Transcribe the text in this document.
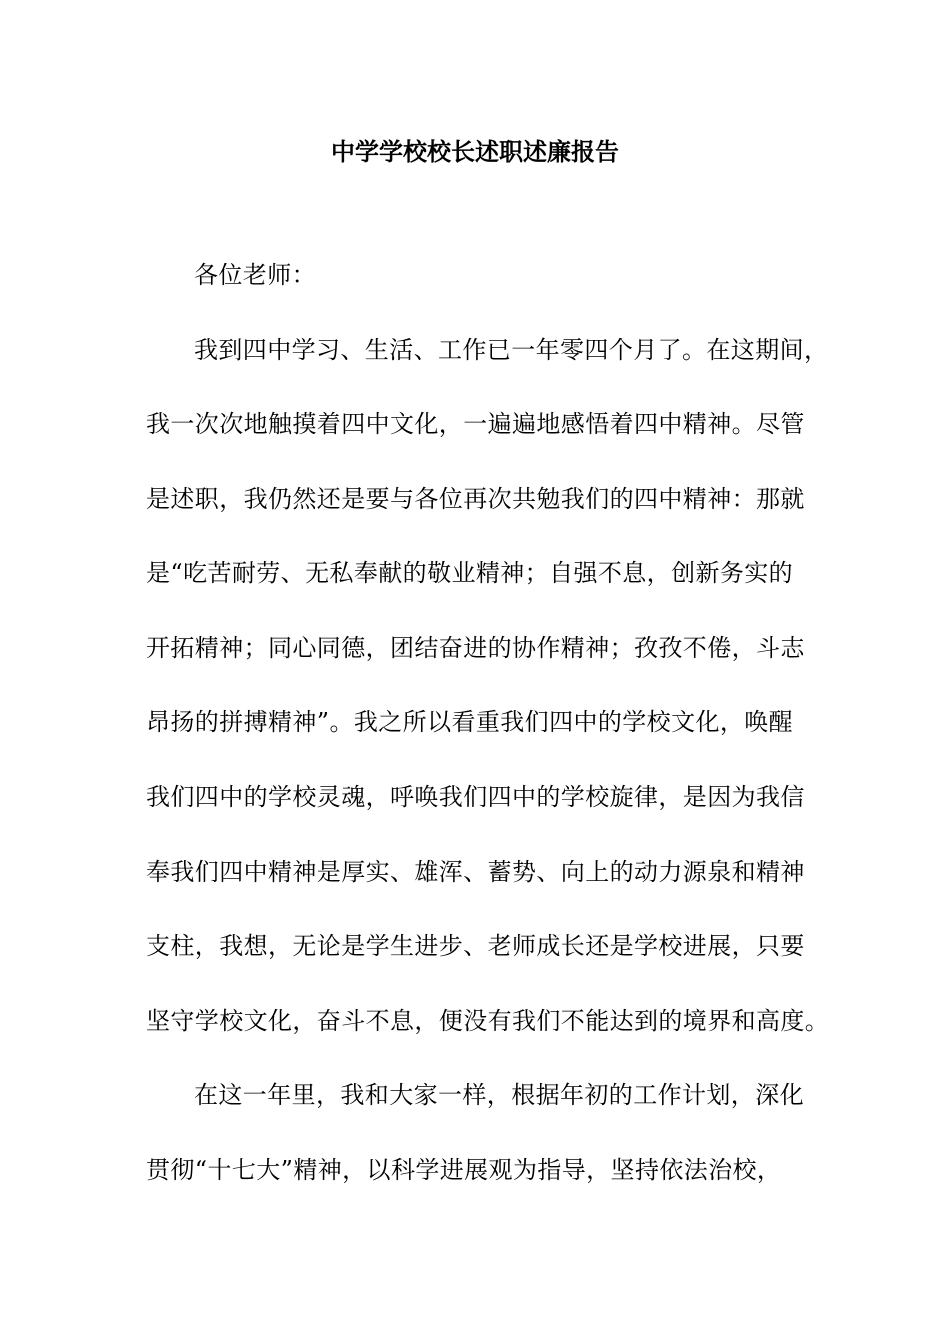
中学学校校长述职述廉报告
各位老师：
我到四中学习、生活、工作已一年零四个月了。在这期间，
我一次次地触摸着四中文化，一遍遍地感悟着四中精神。尽管
是述职，我仍然还是要与各位再次共勉我们的四中精神：那就
是“吃苦耐劳、无私奉献的敬业精神；自强不息，创新务实的
开拓精神；同心同德，团结奋进的协作精神；孜孜不倦，斗志
昂扬的拼搏精神”。我之所以看重我们四中的学校文化，唤醒
我们四中的学校灵魂，呼唤我们四中的学校旋律，是因为我信
奉我们四中精神是厚实、雄浑、蓄势、向上的动力源泉和精神
支柱，我想，无论是学生进步、老师成长还是学校进展，只要
坚守学校文化，奋斗不息，便没有我们不能达到的境界和高度。
在这一年里，我和大家一样，根据年初的工作计划，深化
贯彻“十七大”精神，以科学进展观为指导，坚持依法治校，
